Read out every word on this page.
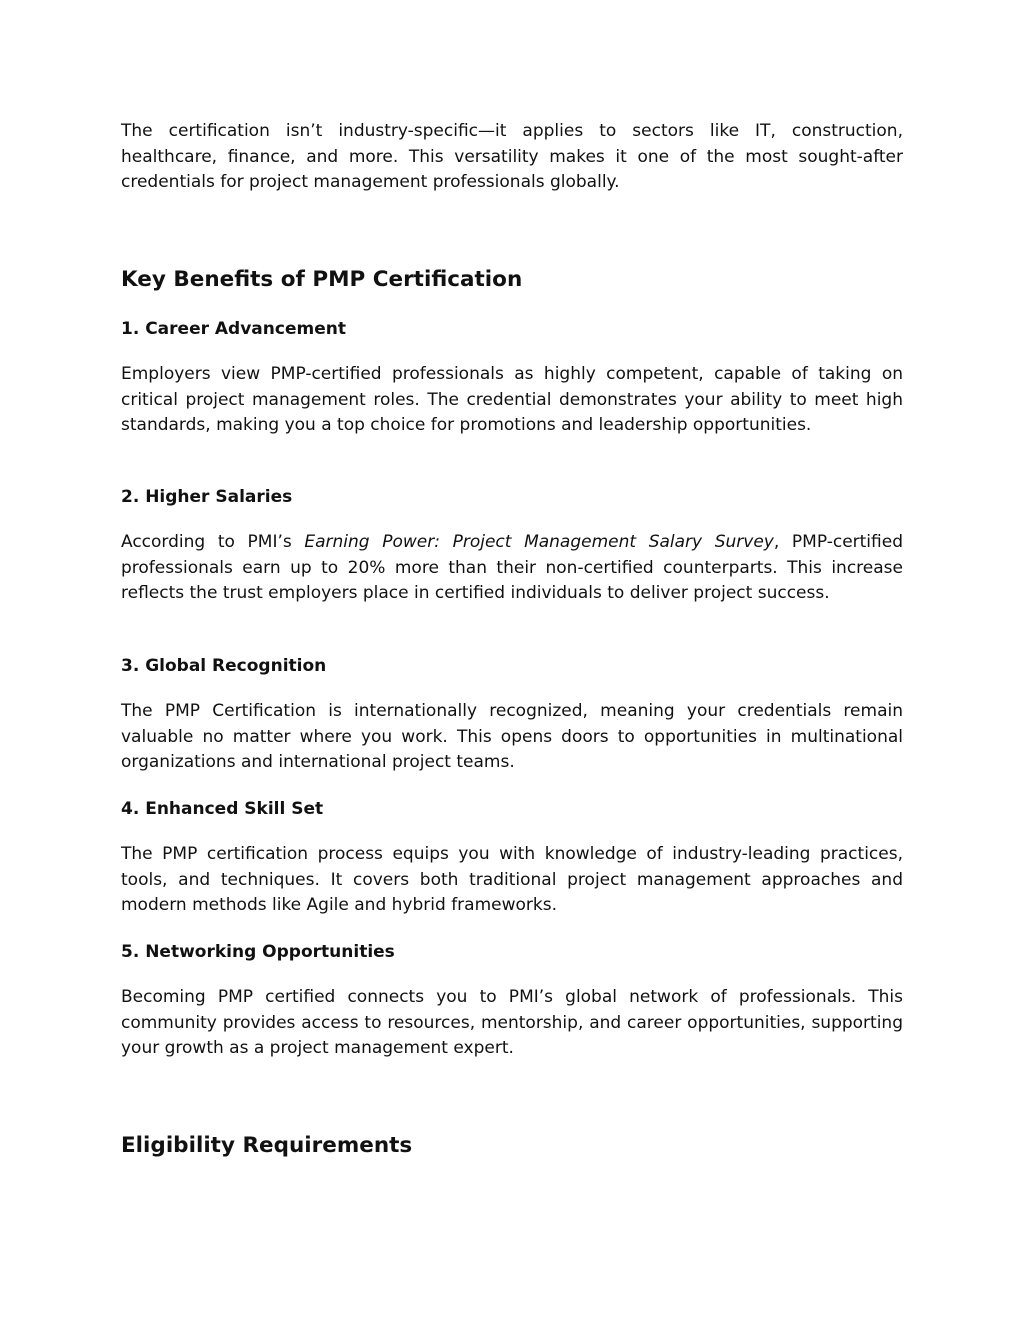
The certification isn’t industry-specific—it applies to sectors like IT, construction, healthcare, finance, and more. This versatility makes it one of the most sought-after credentials for project management professionals globally.

Key Benefits of PMP Certification
1. Career Advancement

Employers view PMP-certified professionals as highly competent, capable of taking on critical project management roles. The credential demonstrates your ability to meet high standards, making you a top choice for promotions and leadership opportunities.

2. Higher Salaries

According to PMI’s Earning Power: Project Management Salary Survey, PMP-certified professionals earn up to 20% more than their non-certified counterparts. This increase reflects the trust employers place in certified individuals to deliver project success.

3. Global Recognition

The PMP Certification is internationally recognized, meaning your credentials remain valuable no matter where you work. This opens doors to opportunities in multinational organizations and international project teams.

4. Enhanced Skill Set

The PMP certification process equips you with knowledge of industry-leading practices, tools, and techniques. It covers both traditional project management approaches and modern methods like Agile and hybrid frameworks.

5. Networking Opportunities

Becoming PMP certified connects you to PMI’s global network of professionals. This community provides access to resources, mentorship, and career opportunities, supporting your growth as a project management expert.

Eligibility Requirements
